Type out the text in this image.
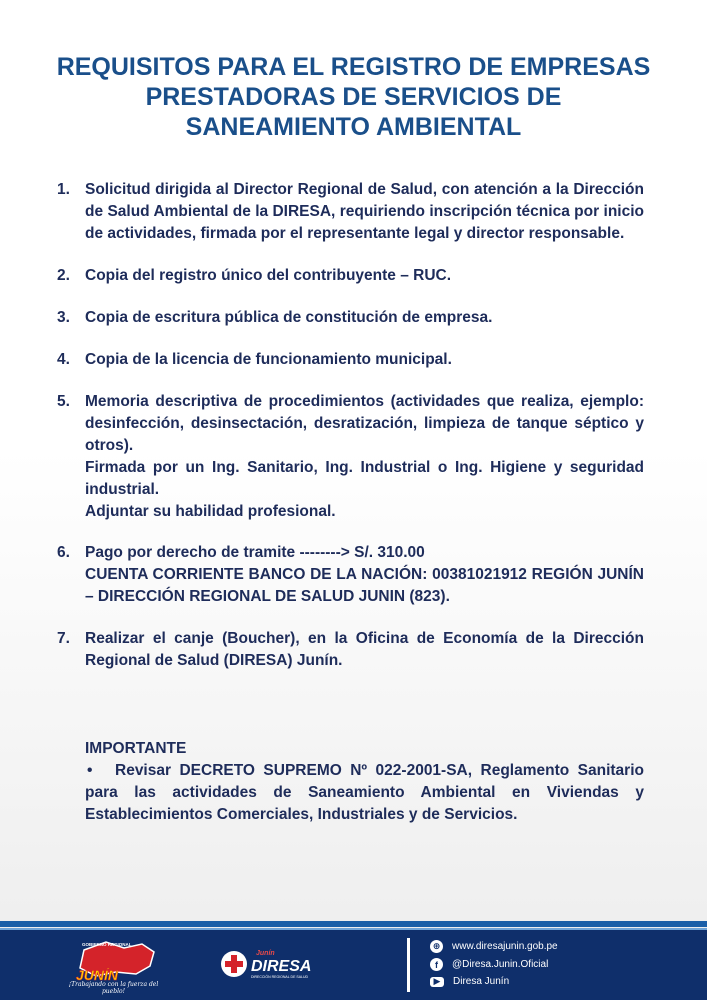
REQUISITOS PARA EL REGISTRO DE EMPRESAS
PRESTADORAS DE SERVICIOS DE
SANEAMIENTO AMBIENTAL
1. Solicitud dirigida al Director Regional de Salud, con atención a la Dirección de Salud Ambiental de la DIRESA, requiriendo inscripción técnica por inicio de actividades, firmada por el representante legal y director responsable.

2. Copia del registro único del contribuyente – RUC.

3. Copia de escritura pública de constitución de empresa.

4. Copia de la licencia de funcionamiento municipal.

5. Memoria descriptiva de procedimientos (actividades que realiza, ejemplo: desinfección, desinsectación, desratización, limpieza de tanque séptico y otros).

Firmada por un Ing. Sanitario, Ing. Industrial o Ing. Higiene y seguridad industrial.

Adjuntar su habilidad profesional.

6. Pago por derecho de tramite --------> S/. 310.00

CUENTA CORRIENTE BANCO DE LA NACIÓN: 00381021912 REGIÓN JUNÍN – DIRECCIÓN REGIONAL DE SALUD JUNIN (823).

7. Realizar el canje (Boucher), en la Oficina de Economía de la Dirección Regional de Salud (DIRESA) Junín.

IMPORTANTE
• Revisar DECRETO SUPREMO Nº 022-2001-SA, Reglamento Sanitario para las actividades de Saneamiento Ambiental en Viviendas y Establecimientos Comerciales, Industriales y de Servicios.
GOBIERNO REGIONAL
JUNÍN
¡Trabajando con la fuerza del pueblo!
Junín
DIRESA
DIRECCIÓN REGIONAL DE SALUD
⊕ www.diresajunin.gob.pe
f	@Diresa.Junin.Oficial
▶	Diresa Junín
